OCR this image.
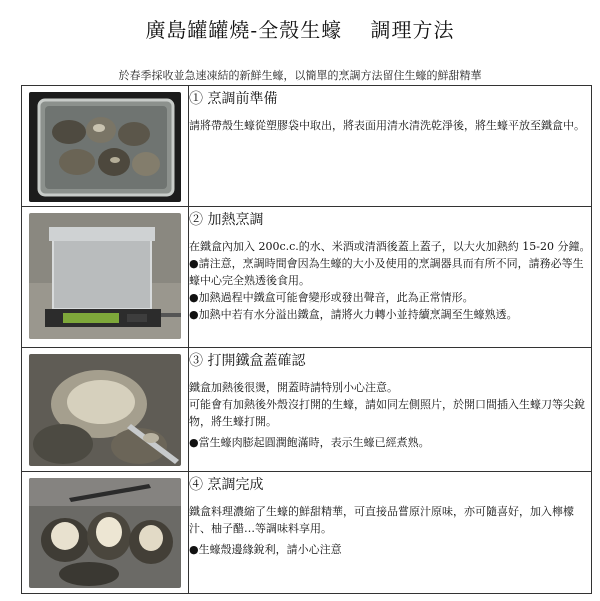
廣島罐罐燒-全殼生蠔　 調理方法
於春季採收並急速凍結的新鮮生蠔，以簡單的烹調方法留住生蠔的鮮甜精華

① 烹調前準備

請將帶殼生蠔從塑膠袋中取出，將表面用清水清洗乾淨後，將生蠔平放至鐵盒中。

② 加熱烹調

在鐵盒內加入 200c.c.的水、米酒或清酒後蓋上蓋子，以大火加熱約 15-20 分鐘。

●請注意，烹調時間會因為生蠔的大小及使用的烹調器具而有所不同，請務必等生蠔中心完全熟透後食用。

●加熱過程中鐵盒可能會變形或發出聲音，此為正常情形。

●加熱中若有水分溢出鐵盒，請將火力轉小並持續烹調至生蠔熟透。

③ 打開鐵盒蓋確認

鐵盒加熱後很燙，開蓋時請特別小心注意。

可能會有加熱後外殼沒打開的生蠔，請如同左側照片，於開口間插入生蠔刀等尖銳物，將生蠔打開。

●當生蠔肉膨起圓潤飽滿時，表示生蠔已經煮熟。

④ 烹調完成

鐵盒料理濃縮了生蠔的鮮甜精華，可直接品嘗原汁原味，亦可隨喜好，加入檸檬汁、柚子醋…等調味料享用。

●生蠔殼邊緣銳利，請小心注意
